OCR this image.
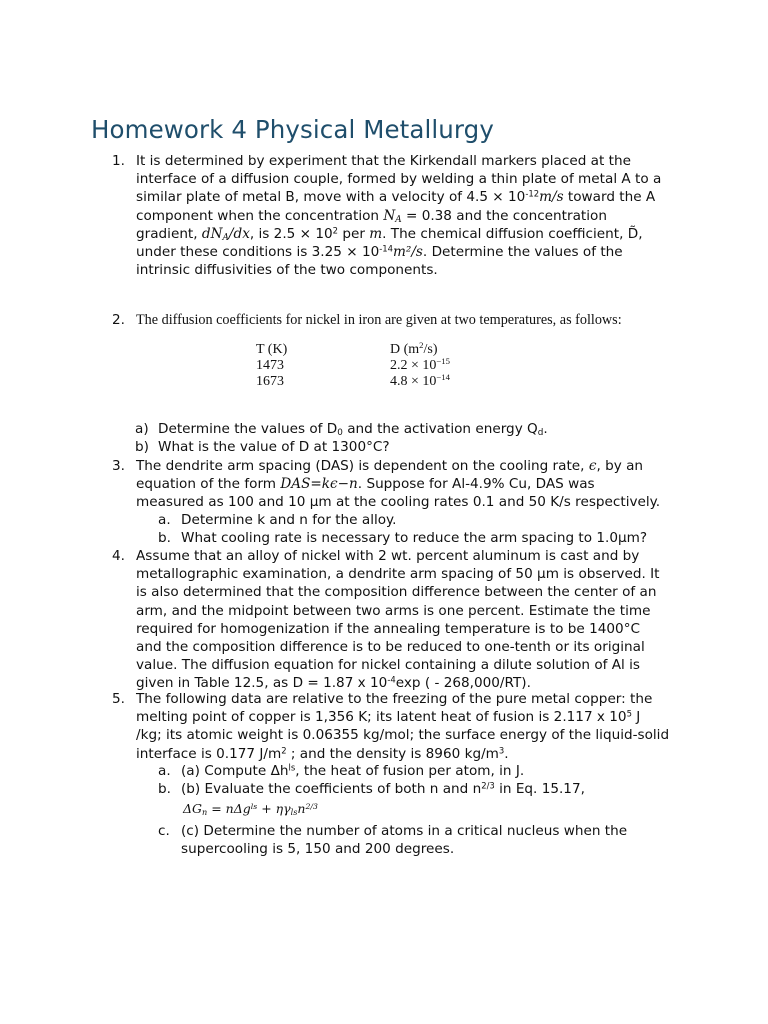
Homework 4 Physical Metallurgy
1. It is determined by experiment that the Kirkendall markers placed at the
interface of a diffusion couple, formed by welding a thin plate of metal A to a
similar plate of metal B, move with a velocity of $4.5 \times 10^{-12}m/s$ toward the A
component when the concentration $N_A = 0.38$ and the concentration
gradient, $dN_A/dx$, is $2.5 \times 10^2$ per m. The chemical diffusion coefficient, D̃,
under these conditions is $3.25 \times 10^{-14}m^2/s$. Determine the values of the
intrinsic diffusivities of the two components.
2. The diffusion coefficients for nickel in iron are given at two temperatures, as follows:
T (K)	D $(m^2/s)$
1473	$2.2 \times 10^{-15}$
1673	$4.8 \times 10^{-14}$
a) Determine the values of $D_0$ and the activation energy $Q_d$.
b) What is the value of D at 1300°C?
3. The dendrite arm spacing (DAS) is dependent on the cooling rate, ϵ, by an
equation of the form DAS=kϵ−n. Suppose for Al-4.9% Cu, DAS was
measured as 100 and 10 µm at the cooling rates 0.1 and 50 K/s respectively.
a. Determine k and n for the alloy.
b. What cooling rate is necessary to reduce the arm spacing to 1.0µm?
4. Assume that an alloy of nickel with 2 wt. percent aluminum is cast and by
metallographic examination, a dendrite arm spacing of 50 µm is observed. It
is also determined that the composition difference between the center of an
arm, and the midpoint between two arms is one percent. Estimate the time
required for homogenization if the annealing temperature is to be 1400°C
and the composition difference is to be reduced to one-tenth or its original
value. The diffusion equation for nickel containing a dilute solution of Al is
given in Table 12.5, as D = 1.87 x $10^{-4}\exp$ ( - 268,000/RT).
5. The following data are relative to the freezing of the pure metal copper: the
melting point of copper is 1,356 K; its latent heat of fusion is 2.117 x $10^5$ J
/kg; its atomic weight is 0.06355 kg/mol; the surface energy of the liquid-solid
interface is 0.177 $J/m^2$ ; and the density is 8960 $kg/m^3$.
a. (a) Compute $\Delta h^{ls}$, the heat of fusion per atom, in J.
b. (b) Evaluate the coefficients of both n and $n^{2/3}$ in Eq. 15.17,
$\Delta G_n = n\Delta g^{ls} + \eta\gamma_{ls}n^{2/3}$
c. (c) Determine the number of atoms in a critical nucleus when the
supercooling is 5, 150 and 200 degrees.
